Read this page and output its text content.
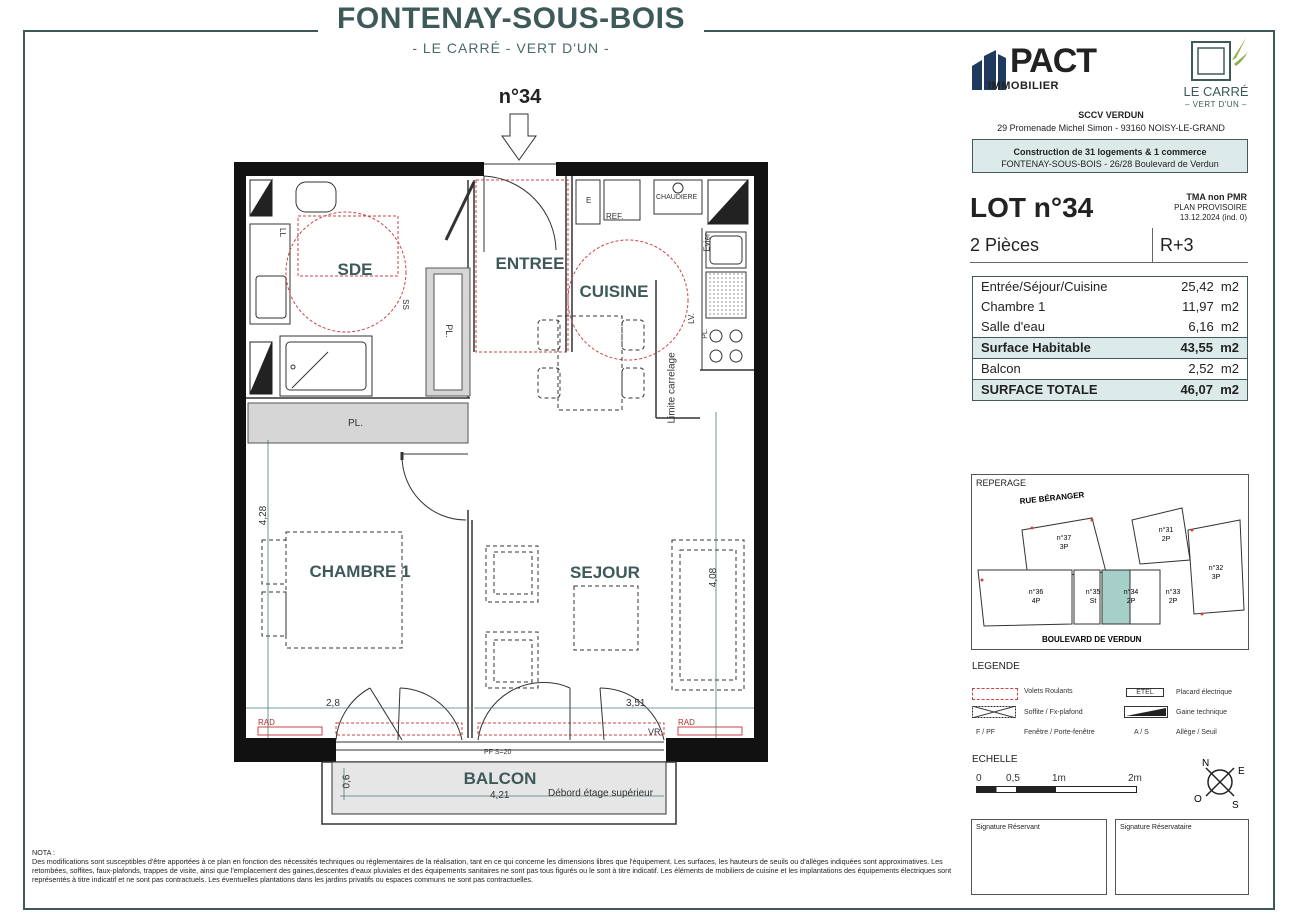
FONTENAY-SOUS-BOIS
- LE CARRÉ - VERT D'UN -
n°34
SDE	ENTREE
CUISINE
CHAMBRE 1	SEJOUR
BALCON
PL.
PL.
LL
SS
E
REF.
CHAUDIERE
Evier
LV.
PL.
Limite carrelage
RAD	RAD
VR
PF S=20
Débord étage supérieur
4,28
4,08
2,8	3,51
0,6
4,21
PACT
IMMOBILIER	LE CARRÉ
– VERT D'UN –
SCCV VERDUN
29 Promenade Michel Simon - 93160 NOISY-LE-GRAND
Construction de 31 logements & 1 commerce
FONTENAY-SOUS-BOIS - 26/28 Boulevard de Verdun
LOT n°34	TMA non PMR
PLAN PROVISOIRE
13.12.2024 (ind. 0)
2 Pièces	R+3
Entrée/Séjour/Cuisine	25,42  m2
Chambre 1	11,97  m2
Salle d'eau	6,16  m2
Surface Habitable	43,55  m2
Balcon	2,52  m2
SURFACE TOTALE	46,07  m2
REPERAGE
RUE BÉRANGER
BOULEVARD DE VERDUN
n°37
3P
n°31
2P
n°32
3P
n°36
4P
n°35
St
n°34
2P
n°33
2P
LEGENDE
Volets Roulants
Soffite / Fx-plafond
F / PF	Fenêtre / Porte-fenêtre
ETEL	Placard électrique
Gaine technique
A / S	Allège / Seuil
ECHELLE
0 0,5	1m	2m
N
E
S
O
Signature Réservant	Signature Réservataire
NOTA :
Des modifications sont susceptibles d'être apportées à ce plan en fonction des nécessités techniques ou réglementaires de la réalisation, tant en ce qui concerne les dimensions libres que l'équipement. Les surfaces, les hauteurs de seuils ou d'allèges indiquées sont approximatives. Les retombées, soffites, faux-plafonds, trappes de visite, ainsi que l'emplacement des gaines,descentes d'eaux pluviales et des équipements sanitaires ne sont pas tous figurés ou le sont à titre indicatif. Les éléments de mobiliers de cuisine et les implantations des équipements électriques sont représentés à titre indicatif et ne sont pas contractuels. Les éventuelles plantations dans les jardins privatifs ou espaces communs ne sont pas contractuelles.
